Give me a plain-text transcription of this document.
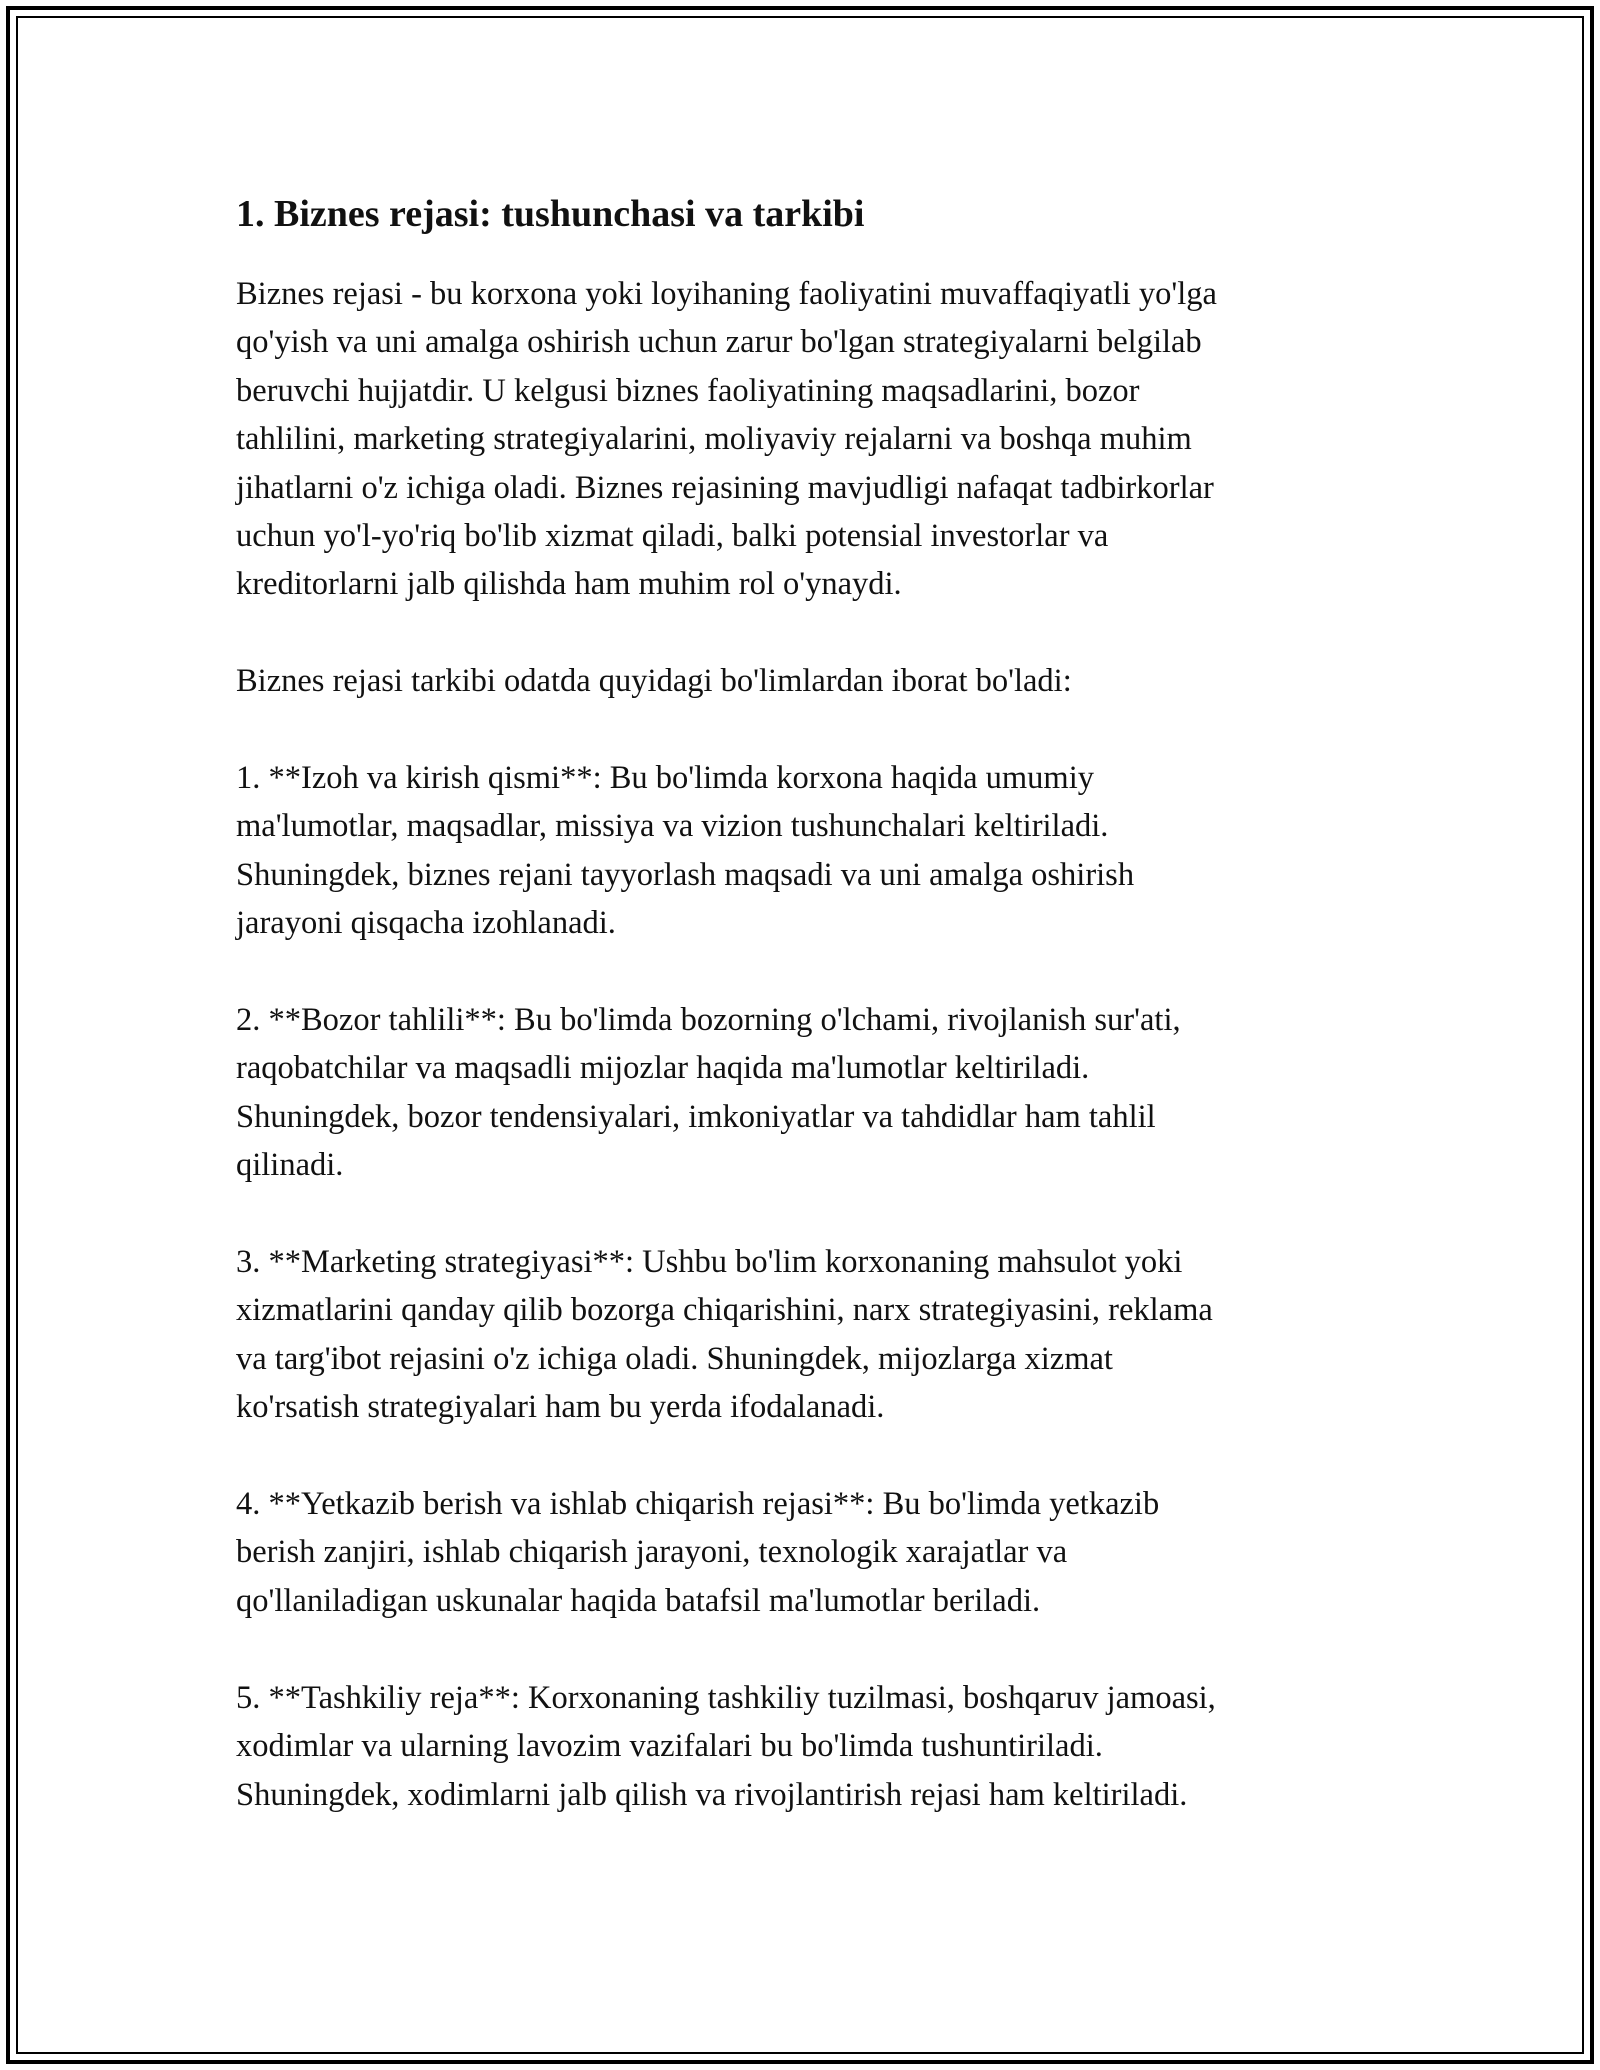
1. Biznes rejasi: tushunchasi va tarkibi
Biznes rejasi - bu korxona yoki loyihaning faoliyatini muvaffaqiyatli yo'lga
qo'yish va uni amalga oshirish uchun zarur bo'lgan strategiyalarni belgilab
beruvchi hujjatdir. U kelgusi biznes faoliyatining maqsadlarini, bozor
tahlilini, marketing strategiyalarini, moliyaviy rejalarni va boshqa muhim
jihatlarni o'z ichiga oladi. Biznes rejasining mavjudligi nafaqat tadbirkorlar
uchun yo'l-yo'riq bo'lib xizmat qiladi, balki potensial investorlar va
kreditorlarni jalb qilishda ham muhim rol o'ynaydi.
Biznes rejasi tarkibi odatda quyidagi bo'limlardan iborat bo'ladi:
1. **Izoh va kirish qismi**: Bu bo'limda korxona haqida umumiy
ma'lumotlar, maqsadlar, missiya va vizion tushunchalari keltiriladi.
Shuningdek, biznes rejani tayyorlash maqsadi va uni amalga oshirish
jarayoni qisqacha izohlanadi.
2. **Bozor tahlili**: Bu bo'limda bozorning o'lchami, rivojlanish sur'ati,
raqobatchilar va maqsadli mijozlar haqida ma'lumotlar keltiriladi.
Shuningdek, bozor tendensiyalari, imkoniyatlar va tahdidlar ham tahlil
qilinadi.
3. **Marketing strategiyasi**: Ushbu bo'lim korxonaning mahsulot yoki
xizmatlarini qanday qilib bozorga chiqarishini, narx strategiyasini, reklama
va targ'ibot rejasini o'z ichiga oladi. Shuningdek, mijozlarga xizmat
ko'rsatish strategiyalari ham bu yerda ifodalanadi.
4. **Yetkazib berish va ishlab chiqarish rejasi**: Bu bo'limda yetkazib
berish zanjiri, ishlab chiqarish jarayoni, texnologik xarajatlar va
qo'llaniladigan uskunalar haqida batafsil ma'lumotlar beriladi.
5. **Tashkiliy reja**: Korxonaning tashkiliy tuzilmasi, boshqaruv jamoasi,
xodimlar va ularning lavozim vazifalari bu bo'limda tushuntiriladi.
Shuningdek, xodimlarni jalb qilish va rivojlantirish rejasi ham keltiriladi.
